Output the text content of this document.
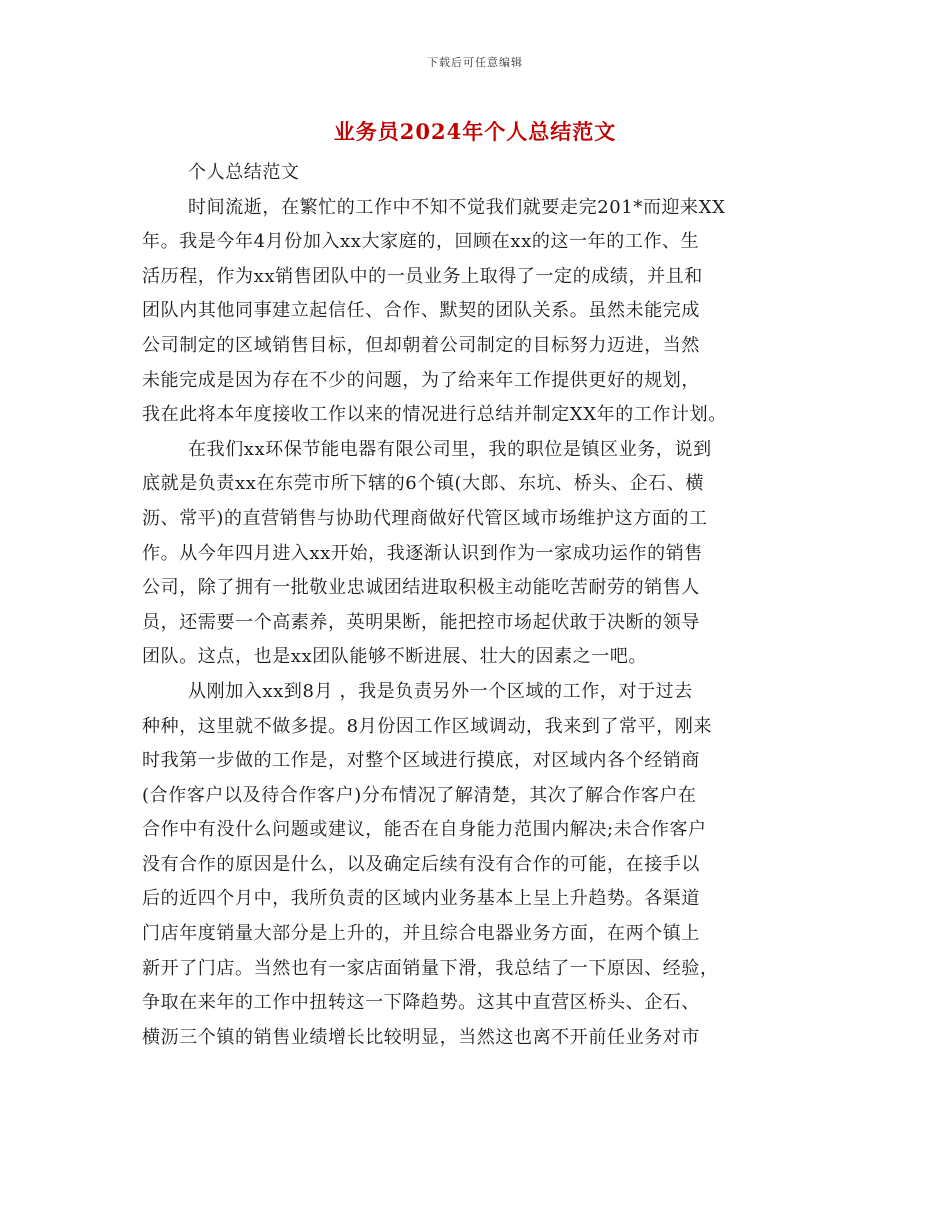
下载后可任意编辑
业务员2024年个人总结范文
个人总结范文
时间流逝，在繁忙的工作中不知不觉我们就要走完201*而迎来XX
年。我是今年4月份加入xx大家庭的，回顾在xx的这一年的工作、生
活历程，作为xx销售团队中的一员业务上取得了一定的成绩，并且和
团队内其他同事建立起信任、合作、默契的团队关系。虽然未能完成
公司制定的区域销售目标，但却朝着公司制定的目标努力迈进，当然
未能完成是因为存在不少的问题，为了给来年工作提供更好的规划，
我在此将本年度接收工作以来的情况进行总结并制定XX年的工作计划。
在我们xx环保节能电器有限公司里，我的职位是镇区业务，说到
底就是负责xx在东莞市所下辖的6个镇(大郎、东坑、桥头、企石、横
沥、常平)的直营销售与协助代理商做好代管区域市场维护这方面的工
作。从今年四月进入xx开始，我逐渐认识到作为一家成功运作的销售
公司，除了拥有一批敬业忠诚团结进取积极主动能吃苦耐劳的销售人
员，还需要一个高素养，英明果断，能把控市场起伏敢于决断的领导
团队。这点，也是xx团队能够不断进展、壮大的因素之一吧。
从刚加入xx到8月 ，我是负责另外一个区域的工作，对于过去
种种，这里就不做多提。8月份因工作区域调动，我来到了常平，刚来
时我第一步做的工作是，对整个区域进行摸底，对区域内各个经销商
(合作客户以及待合作客户)分布情况了解清楚，其次了解合作客户在
合作中有没什么问题或建议，能否在自身能力范围内解决;未合作客户
没有合作的原因是什么，以及确定后续有没有合作的可能，在接手以
后的近四个月中，我所负责的区域内业务基本上呈上升趋势。各渠道
门店年度销量大部分是上升的，并且综合电器业务方面，在两个镇上
新开了门店。当然也有一家店面销量下滑，我总结了一下原因、经验，
争取在来年的工作中扭转这一下降趋势。这其中直营区桥头、企石、
横沥三个镇的销售业绩增长比较明显，当然这也离不开前任业务对市
